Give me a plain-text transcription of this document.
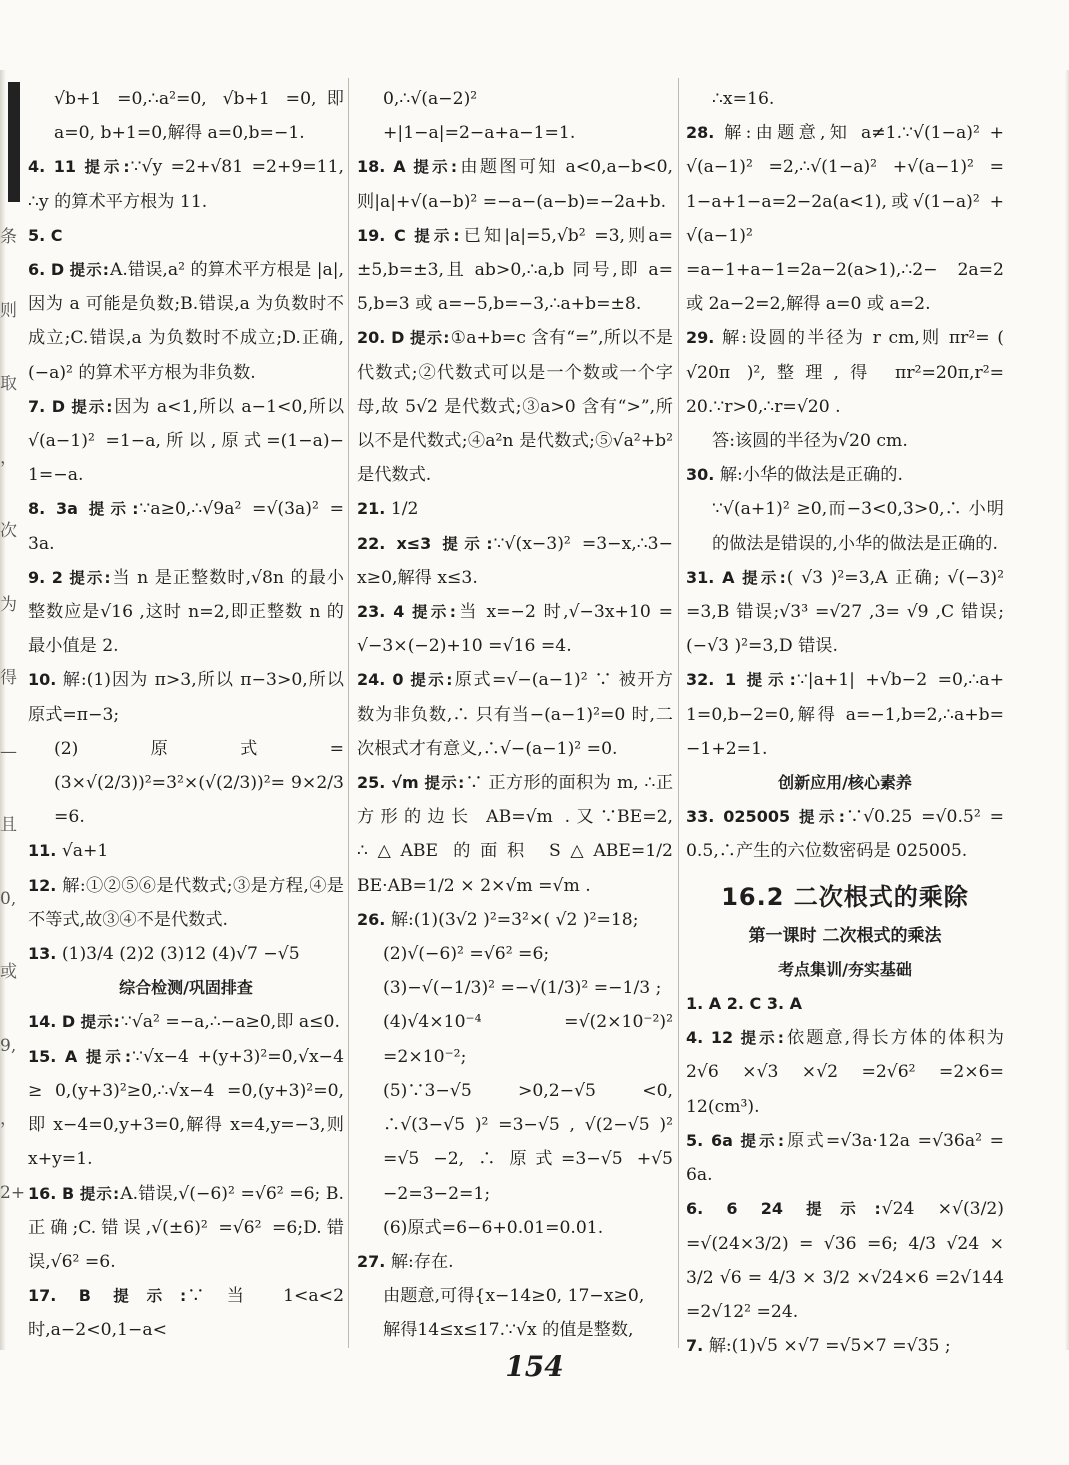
条
则
取
，
次
为
得
—
且
0,
或
9,
，
2+

√b+1 =0,∴a²=0, √b+1 =0,即 a=0, b+1=0,解得 a=0,b=−1.

4. 11 提示:∵√y =2+√81 =2+9=11, ∴y 的算术平方根为 11.

5. C

6. D 提示:A.错误,a² 的算术平方根是 |a|,因为 a 可能是负数;B.错误,a 为负数时不成立;C.错误,a 为负数时不成立;D.正确,(−a)² 的算术平方根为非负数.

7. D 提示:因为 a<1,所以 a−1<0,所以√(a−1)² =1−a,所以,原式=(1−a)− 1=−a.

8. 3a 提示:∵a≥0,∴√9a² =√(3a)² = 3a.

9. 2 提示:当 n 是正整数时,√8n 的最小整数应是√16 ,这时 n=2,即正整数 n 的最小值是 2.

10. 解:(1)因为 π>3,所以 π−3>0,所以原式=π−3;

(2)原式=(3×√(2/3))²=3²×(√(2/3))²= 9×2/3 =6.

11. √a+1

12. 解:①②⑤⑥是代数式;③是方程,④是不等式,故③④不是代数式.

13. (1)3/4 (2)2 (3)12 (4)√7 −√5

综合检测/巩固排查

14. D 提示:∵√a² =−a,∴−a≥0,即 a≤0.

15. A 提示:∵√x−4 +(y+3)²=0,√x−4 ≥ 0,(y+3)²≥0,∴√x−4 =0,(y+3)²=0,即 x−4=0,y+3=0,解得 x=4,y=−3,则 x+y=1.

16. B 提示:A.错误,√(−6)² =√6² =6; B.正确;C.错误,√(±6)² =√6² =6;D.错误,√6² =6.

17. B 提示:∵ 当 1<a<2 时,a−2<0,1−a<

0,∴√(a−2)² +|1−a|=2−a+a−1=1.

18. A 提示:由题图可知 a<0,a−b<0, 则|a|+√(a−b)² =−a−(a−b)=−2a+b.

19. C 提示:已知|a|=5,√b² =3,则a= ±5,b=±3,且 ab>0,∴a,b 同号,即 a= 5,b=3 或 a=−5,b=−3,∴a+b=±8.

20. D 提示:①a+b=c 含有“=”,所以不是代数式;②代数式可以是一个数或一个字母,故 5√2 是代数式;③a>0 含有“>”,所以不是代数式;④a²n 是代数式;⑤√a²+b² 是代数式.

21. 1/2

22. x≤3 提示:∵√(x−3)² =3−x,∴3− x≥0,解得 x≤3.

23. 4 提示:当 x=−2 时,√−3x+10 = √−3×(−2)+10 =√16 =4.

24. 0 提示:原式=√−(a−1)² ∵ 被开方数为非负数,∴ 只有当−(a−1)²=0 时,二次根式才有意义,∴√−(a−1)² =0.

25. √m 提示:∵ 正方形的面积为 m, ∴正方形的边长 AB=√m .又∵BE=2, ∴△ABE 的面积 S△ABE=1/2 BE·AB=1/2 × 2×√m =√m .

26. 解:(1)(3√2 )²=3²×( √2 )²=18;

(2)√(−6)² =√6² =6;

(3)−√(−1/3)² =−√(1/3)² =−1/3 ;

(4)√4×10⁻⁴ =√(2×10⁻²)² =2×10⁻²;

(5)∵3−√5 >0,2−√5 <0, ∴√(3−√5 )² =3−√5 , √(2−√5 )² =√5 −2, ∴ 原式=3−√5 +√5 −2=3−2=1;

(6)原式=6−6+0.01=0.01.

27. 解:存在.

由题意,可得{x−14≥0, 17−x≥0,

解得14≤x≤17.∵√x 的值是整数,

∴x=16.

28. 解:由题意,知 a≠1.∵√(1−a)² + √(a−1)² =2,∴√(1−a)² +√(a−1)² = 1−a+1−a=2−2a(a<1),或√(1−a)² + √(a−1)² =a−1+a−1=2a−2(a>1),∴2− 2a=2 或 2a−2=2,解得 a=0 或 a=2.

29. 解:设圆的半径为 r cm,则 πr²= ( √20π )²,整理,得 πr²=20π,r²= 20.∵r>0,∴r=√20 .

答:该圆的半径为√20 cm.

30. 解:小华的做法是正确的.

∵√(a+1)² ≥0,而−3<0,3>0,∴ 小明的做法是错误的,小华的做法是正确的.

31. A 提示:( √3 )²=3,A 正确; √(−3)² =3,B 错误;√3³ =√27 ,3= √9 ,C 错误;(−√3 )²=3,D 错误.

32. 1 提示:∵|a+1| +√b−2 =0,∴a+ 1=0,b−2=0,解得 a=−1,b=2,∴a+b= −1+2=1.

创新应用/核心素养

33. 025005 提示:∵√0.25 =√0.5² = 0.5,∴产生的六位数密码是 025005.

16.2 二次根式的乘除

第一课时 二次根式的乘法

考点集训/夯实基础

1. A 2. C 3. A

4. 12 提示:依题意,得长方体的体积为 2√6 ×√3 ×√2 =2√6² =2×6= 12(cm³).

5. 6a 提示:原式=√3a·12a =√36a² = 6a.

6. 6 24 提示:√24 ×√(3/2) =√(24×3/2) = √36 =6; 4/3 √24 × 3/2 √6 = 4/3 × 3/2 ×√24×6 =2√144 =2√12² =24.

7. 解:(1)√5 ×√7 =√5×7 =√35 ;

154
